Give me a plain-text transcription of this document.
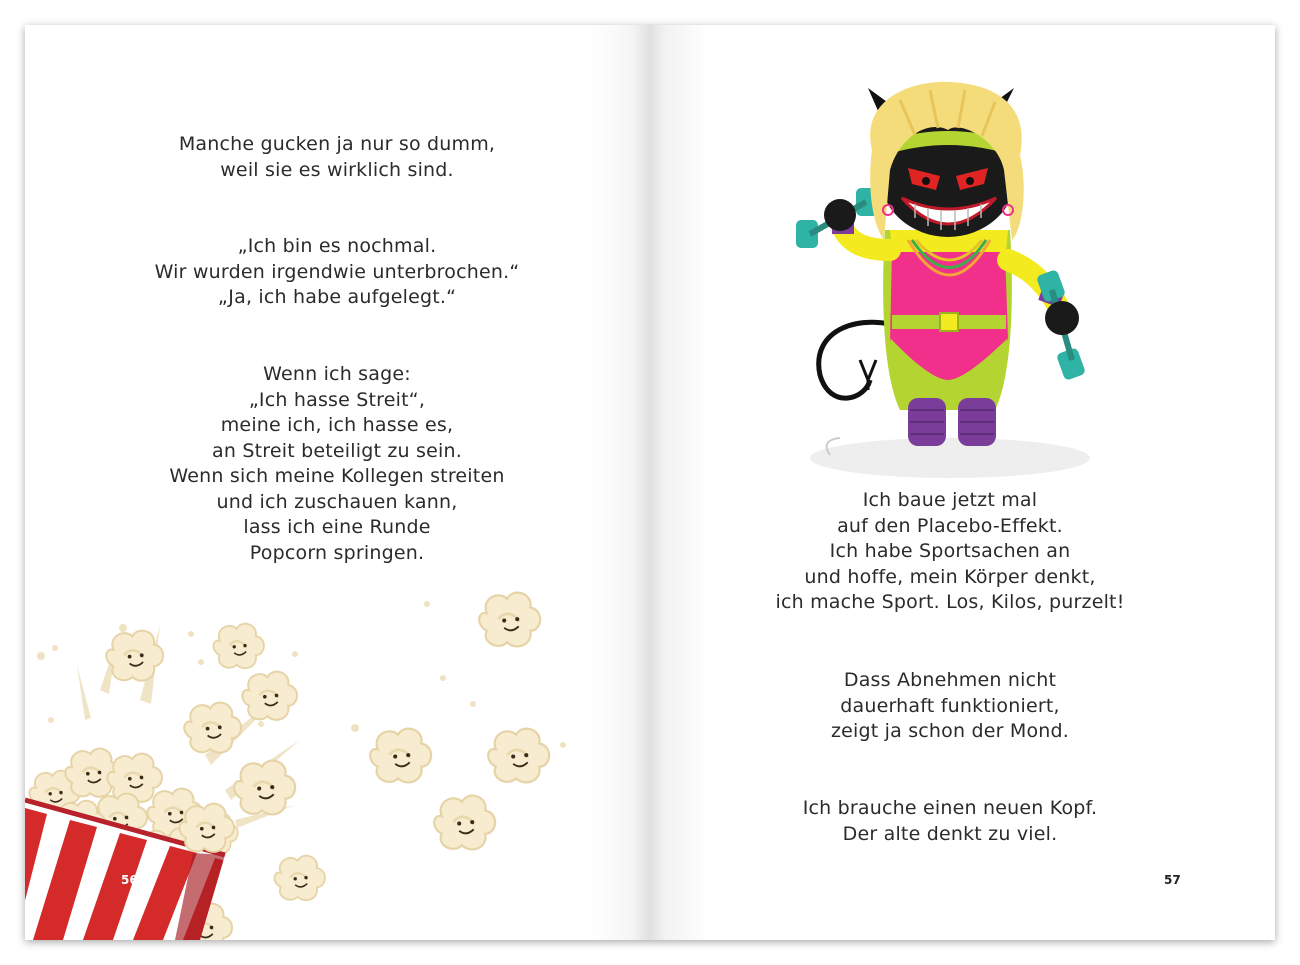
Manche gucken ja nur so dumm,
weil sie es wirklich sind.
„Ich bin es nochmal.
Wir wurden irgendwie unterbrochen.“
„Ja, ich habe aufgelegt.“
Wenn ich sage:
„Ich hasse Streit“,
meine ich, ich hasse es,
an Streit beteiligt zu sein.
Wenn sich meine Kollegen streiten
und ich zuschauen kann,
lass ich eine Runde
Popcorn springen.
56
Ich baue jetzt mal
auf den Placebo-Effekt.
Ich habe Sportsachen an
und hoffe, mein Körper denkt,
ich mache Sport. Los, Kilos, purzelt!
Dass Abnehmen nicht
dauerhaft funktioniert,
zeigt ja schon der Mond.
Ich brauche einen neuen Kopf.
Der alte denkt zu viel.
57
